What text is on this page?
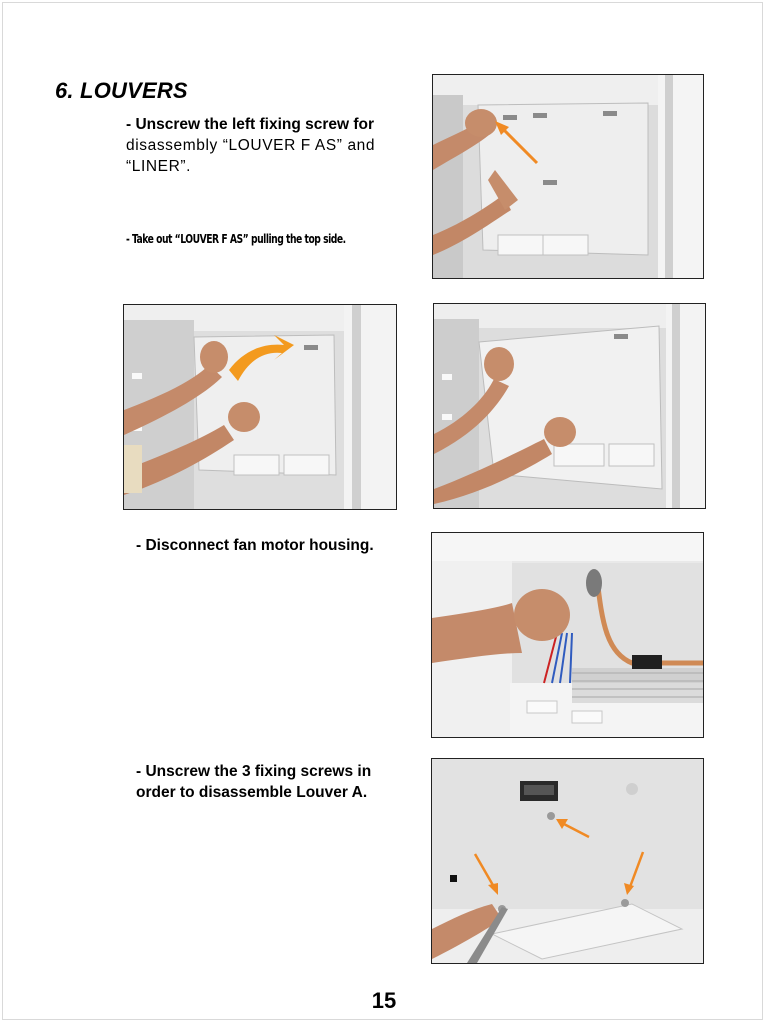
6. LOUVERS
- Unscrew the left fixing screw for
disassembly “LOUVER F AS” and
“LINER”.
- Take out “LOUVER F AS” pulling the top side.
- Disconnect fan motor housing.
- Unscrew the 3 fixing screws in
order to disassemble Louver A.
15
